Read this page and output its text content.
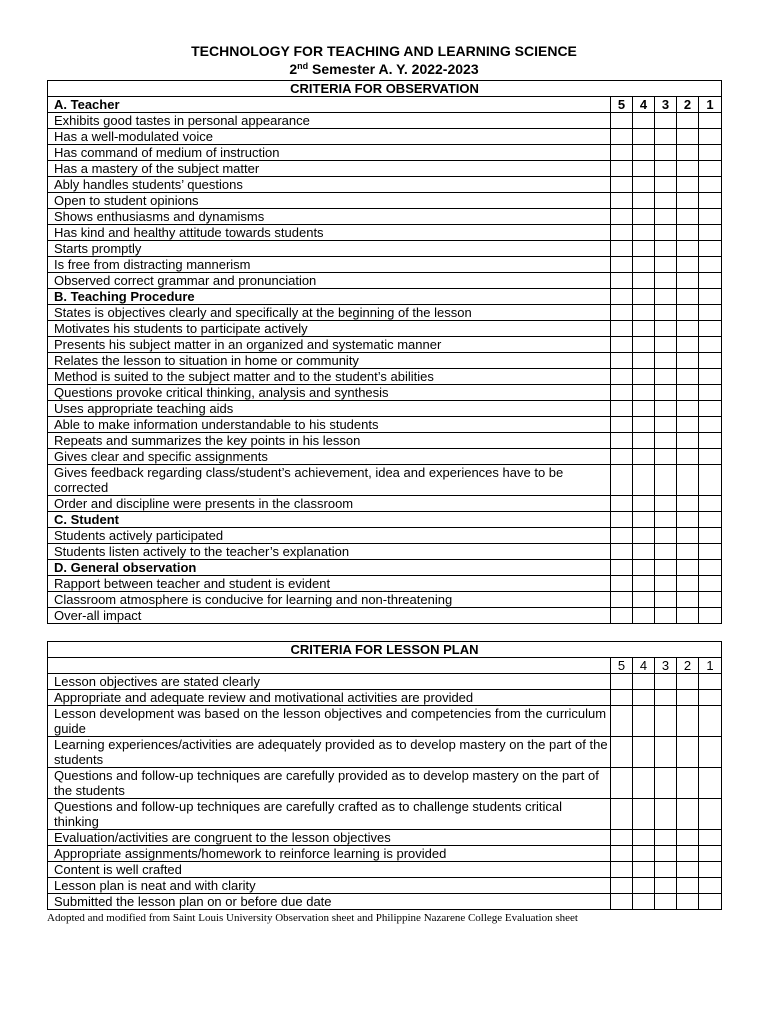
TECHNOLOGY FOR TEACHING AND LEARNING SCIENCE
2nd Semester A. Y. 2022-2023
CRITERIA FOR OBSERVATION					
A. Teacher	5	4	3	2	1
Exhibits good tastes in personal appearance					
Has a well-modulated voice					
Has command of medium of instruction					
Has a mastery of the subject matter					
Ably handles students’ questions					
Open to student opinions					
Shows enthusiasms and dynamisms					
Has kind and healthy attitude towards students					
Starts promptly					
Is free from distracting mannerism					
Observed correct grammar and pronunciation					
B. Teaching Procedure					
States is objectives clearly and specifically at the beginning of the lesson					
Motivates his students to participate actively					
Presents his subject matter in an organized and systematic manner					
Relates the lesson to situation in home or community					
Method is suited to the subject matter and to the student’s abilities					
Questions provoke critical thinking, analysis and synthesis					
Uses appropriate teaching aids					
Able to make information understandable to his students					
Repeats and summarizes the key points in his lesson					
Gives clear and specific assignments					
Gives feedback regarding class/student’s achievement, idea and experiences have to be corrected					
Order and discipline were presents in the classroom					
C. Student					
Students actively participated					
Students listen actively to the teacher’s explanation					
D. General observation					
Rapport between teacher and student is evident					
Classroom atmosphere is conducive for learning and non-threatening					
Over-all impact					
CRITERIA FOR LESSON PLAN					
	5	4	3	2	1
Lesson objectives are stated clearly					
Appropriate and adequate review and motivational activities are provided					
Lesson development was based on the lesson objectives and competencies from the curriculum guide					
Learning experiences/activities are adequately provided as to develop mastery on the part of the students					
Questions and follow-up techniques are carefully provided as to develop mastery on the part of the students					
Questions and follow-up techniques are carefully crafted as to challenge students critical thinking					
Evaluation/activities are congruent to the lesson objectives					
Appropriate assignments/homework to reinforce learning is provided					
Content is well crafted					
Lesson plan is neat and with clarity					
Submitted the lesson plan on or before due date					
Adopted and modified from Saint Louis University Observation sheet and Philippine Nazarene College Evaluation sheet
